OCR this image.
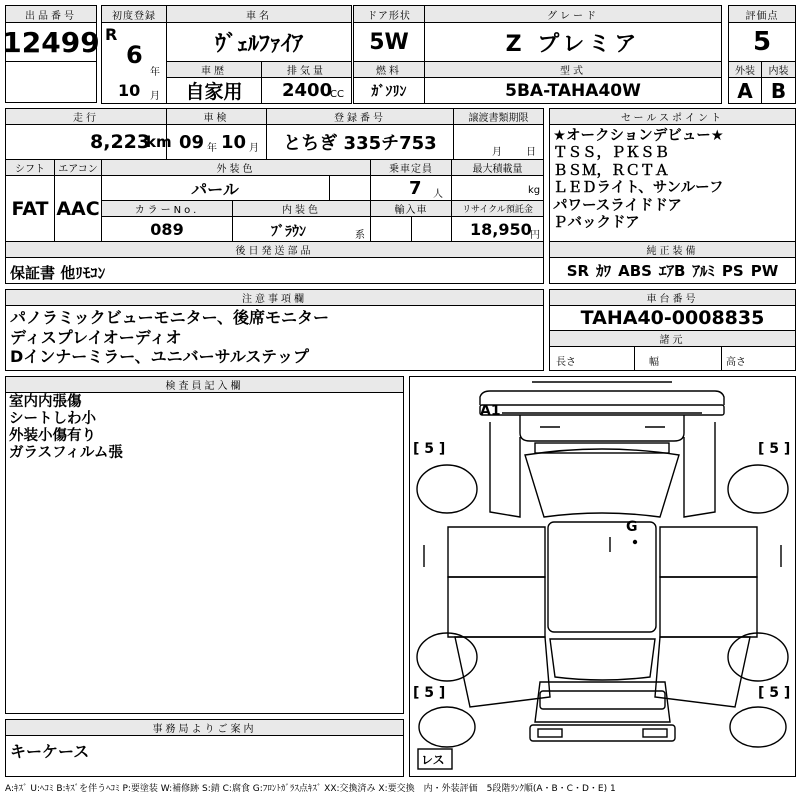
出品番号
12499
初度登録
R
6
年
10 月
車名
ｳﾞｪﾙﾌｧｲｱ
ドア形状
5W
グレード
Z プレミア
評価点
5
車歴
自家用
排気量
2400
CC
燃料
ｶﾞｿﾘﾝ
型式
5BA-TAHA40W
外装
A
内装
B
走行
8,223
km
車検
09 年 10 月
登録番号
とちぎ 335チ753
譲渡書類期限
月 日
シフト
FAT
エアコン
AAC
外装色
パール
乗車定員
7 人
最大積載量
kg
カラーNo.
089
内装色
ﾌﾞﾗｳﾝ	系
輸入車	リサイクル預託金
18,950
円
後日発送部品
保証書 他ﾘﾓｺﾝ
セールスポイント
★オークションデビュー★
ＴＳＳ，ＰＫＳＢ
ＢＳＭ，ＲＣＴＡ
ＬＥＤライト、サンルーフ
パワースライドドア
Ｐバックドア
純正装備
SR ｶﾜ ABS ｴｱB ｱﾙﾐ PS PW
注意事項欄
パノラミックビューモニター、後席モニター
ディスプレイオーディオ
Dインナーミラー、ユニバーサルステップ
車台番号
TAHA40-0008835
諸元
長さ	幅	高さ
検査員記入欄
室内内張傷
シートしわ小
外装小傷有り
ガラスフィルム張
事務局よりご案内
キーケース
A1
G
[ 5 ]	[ 5 ]
[ 5 ]	[ 5 ]
レス
A:ｷｽﾞ U:ﾍｺﾐ B:ｷｽﾞを伴うﾍｺﾐ P:要塗装 W:補修跡 S:錆 C:腐食 G:ﾌﾛﾝﾄｶﾞﾗｽ点ｷｽﾞ XX:交換済み X:要交換　内・外装評価　5段階ﾗﾝｸ順(A・B・C・D・E) 1
